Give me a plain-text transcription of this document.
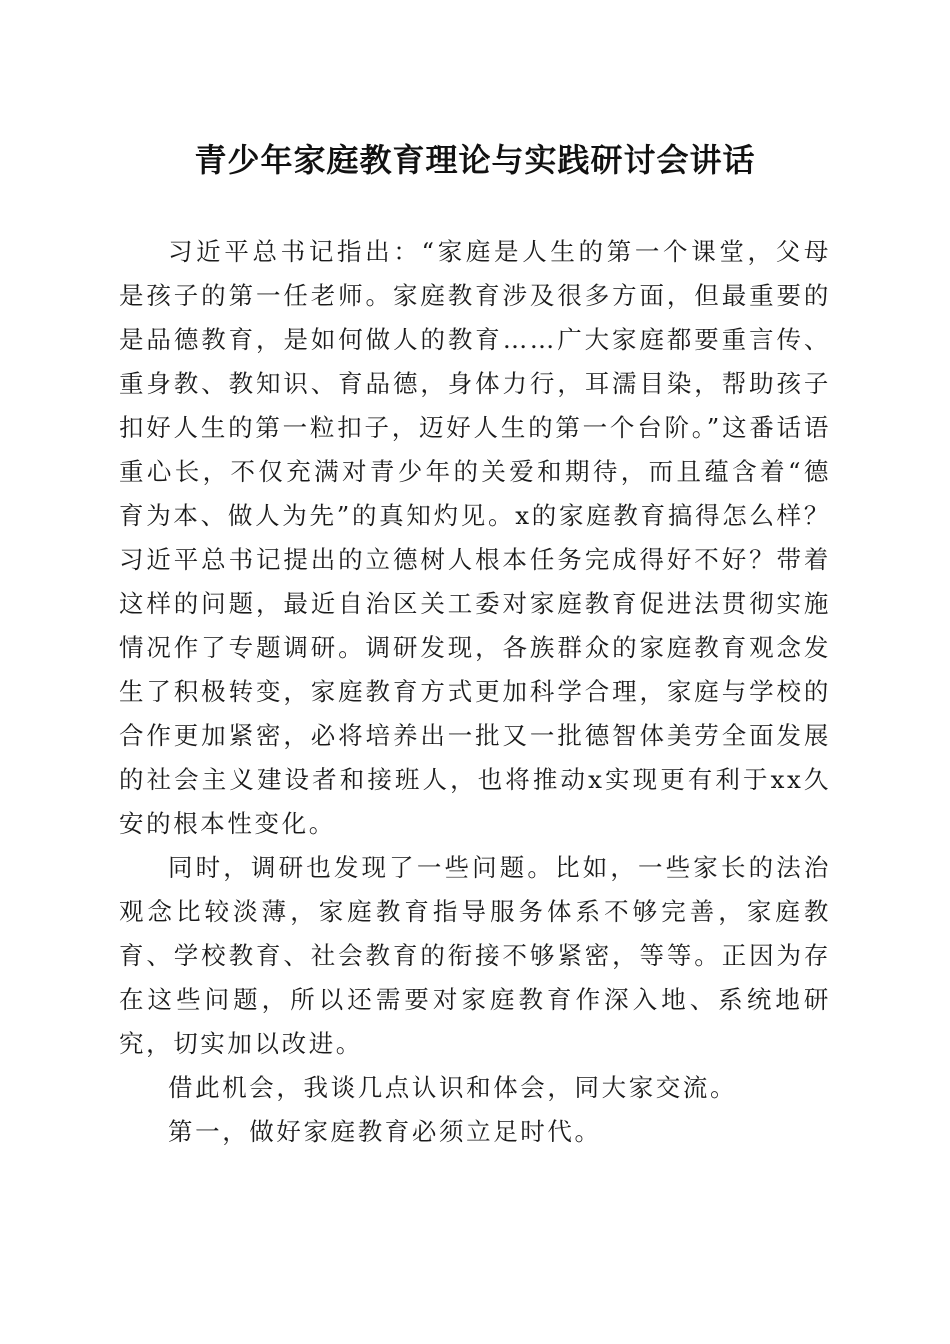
青少年家庭教育理论与实践研讨会讲话

习近平总书记指出：“家庭是人生的第一个课堂，父母是孩子的第一任老师。家庭教育涉及很多方面，但最重要的是品德教育，是如何做人的教育……广大家庭都要重言传、重身教、教知识、育品德，身体力行，耳濡目染，帮助孩子扣好人生的第一粒扣子，迈好人生的第一个台阶。”这番话语重心长，不仅充满对青少年的关爱和期待，而且蕴含着“德育为本、做人为先”的真知灼见。x的家庭教育搞得怎么样？习近平总书记提出的立德树人根本任务完成得好不好？带着这样的问题，最近自治区关工委对家庭教育促进法贯彻实施情况作了专题调研。调研发现，各族群众的家庭教育观念发生了积极转变，家庭教育方式更加科学合理，家庭与学校的合作更加紧密，必将培养出一批又一批德智体美劳全面发展的社会主义建设者和接班人，也将推动x实现更有利于xx久安的根本性变化。

同时，调研也发现了一些问题。比如，一些家长的法治观念比较淡薄，家庭教育指导服务体系不够完善，家庭教育、学校教育、社会教育的衔接不够紧密，等等。正因为存在这些问题，所以还需要对家庭教育作深入地、系统地研究，切实加以改进。

借此机会，我谈几点认识和体会，同大家交流。

第一，做好家庭教育必须立足时代。
